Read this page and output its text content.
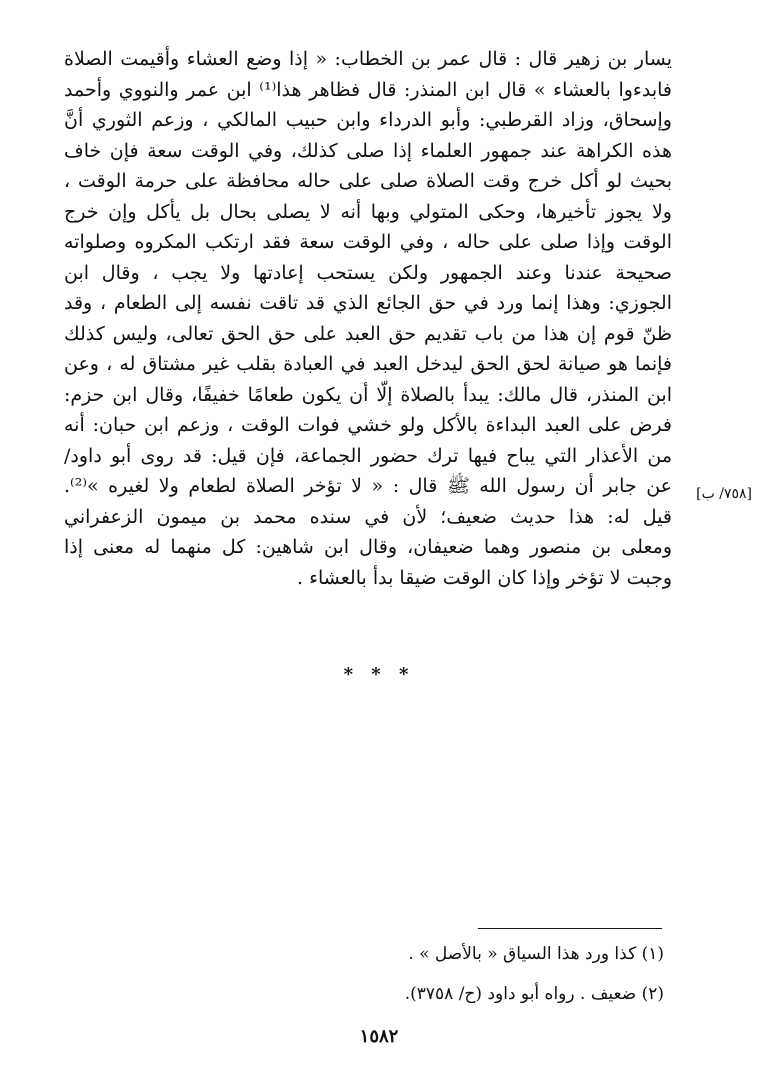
يسار بن زهير قال : قال عمر بن الخطاب: « إذا وضع العشاء وأقيمت الصلاة
فابدءوا بالعشاء » قال ابن المنذر: قال فظاهر هذا⁽¹⁾ ابن عمر والنووي وأحمد
وإسحاق، وزاد القرطبي: وأبو الدرداء وابن حبيب المالكي ، وزعم الثوري أنَّ
هذه الكراهة عند جمهور العلماء إذا صلى كذلك، وفي الوقت سعة فإن خاف
بحيث لو أكل خرج وقت الصلاة صلى على حاله محافظة على حرمة الوقت ،
ولا يجوز تأخيرها، وحكى المتولي وبها أنه لا يصلى بحال بل يأكل وإن خرج
الوقت وإذا صلى على حاله ، وفي الوقت سعة فقد ارتكب المكروه وصلواته
صحيحة عندنا وعند الجمهور ولكن يستحب إعادتها ولا يجب ، وقال ابن
الجوزي: وهذا إنما ورد في حق الجائع الذي قد تاقت نفسه إلى الطعام ، وقد
ظنّ قوم إن هذا من باب تقديم حق العبد على حق الحق تعالى، وليس كذلك
فإنما هو صيانة لحق الحق ليدخل العبد في العبادة بقلب غير مشتاق له ، وعن
ابن المنذر، قال مالك: يبدأ بالصلاة إلّا أن يكون طعامًا خفيفًا، وقال ابن حزم:
فرض على العبد البداءة بالأكل ولو خشي فوات الوقت ، وزعم ابن حبان: أنه
من الأعذار التي يباح فيها ترك حضور الجماعة، فإن قيل: قد روى أبو داود/
عن جابر أن رسول الله ﷺ قال : « لا تؤخر الصلاة لطعام ولا لغيره »⁽²⁾.
قيل له: هذا حديث ضعيف؛ لأن في سنده محمد بن ميمون الزعفراني
ومعلى بن منصور وهما ضعيفان، وقال ابن شاهين: كل منهما له معنى إذا
وجبت لا تؤخر وإذا كان الوقت ضيقا بدأ بالعشاء .
[٧٥٨/ ب]
* * *
(١) كذا ورد هذا السياق « بالأصل » .
(٢) ضعيف . رواه أبو داود (ح/ ٣٧٥٨).
١٥٨٢
